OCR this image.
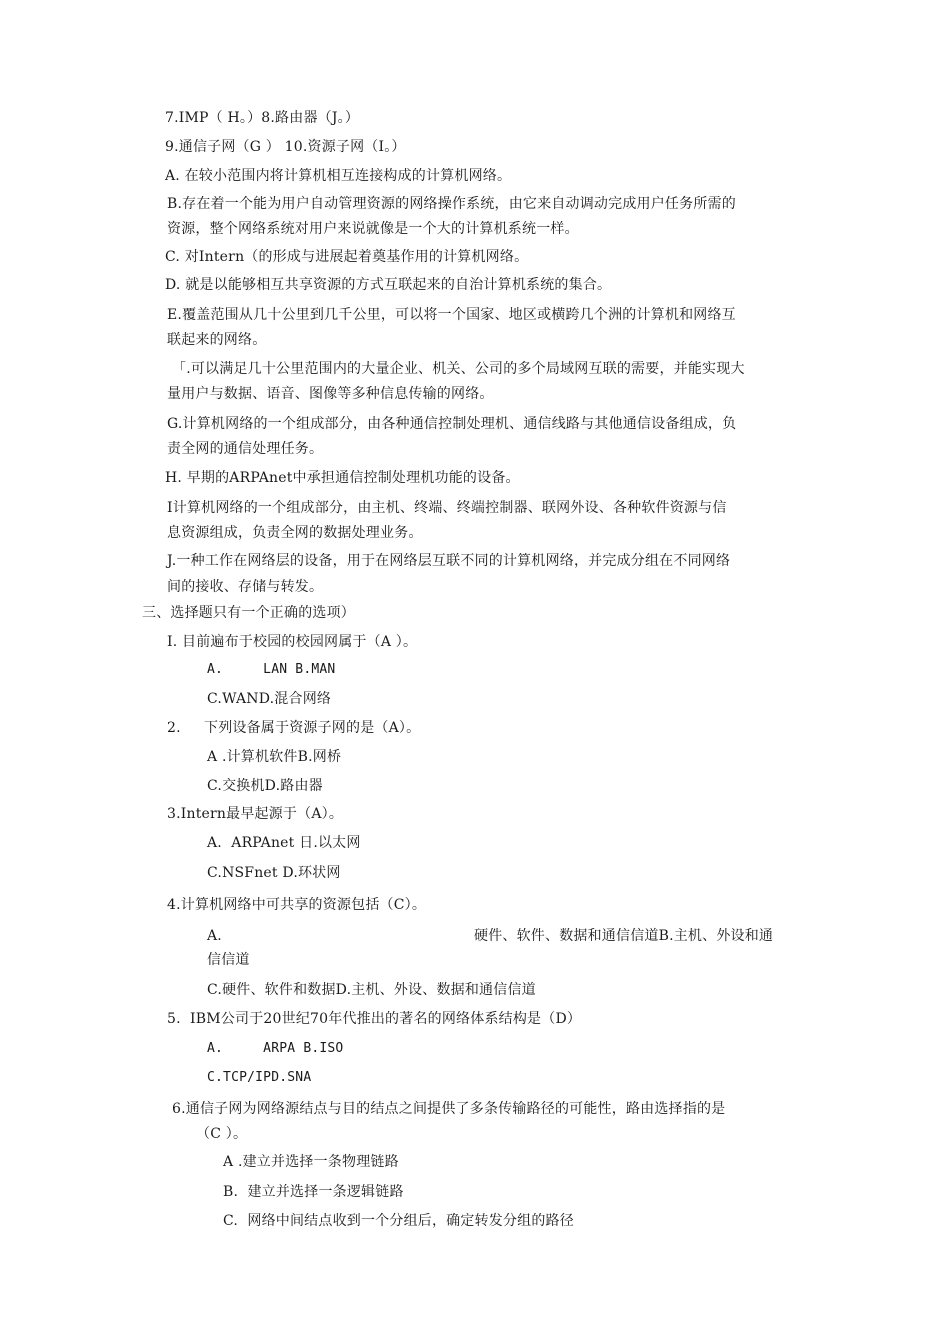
7.IMP（ H。）8.路由器（J。）
9.通信子网（G ） 10.资源子网（I。）
A. 在较小范围内将计算机相互连接构成的计算机网络。
B.存在着一个能为用户自动管理资源的网络操作系统，由它来自动调动完成用户任务所需的
资源，整个网络系统对用户来说就像是一个大的计算机系统一样。
C. 对Intern（的形成与进展起着奠基作用的计算机网络。
D. 就是以能够相互共享资源的方式互联起来的自治计算机系统的集合。
E.覆盖范围从几十公里到几千公里，可以将一个国家、地区或横跨几个洲的计算机和网络互
联起来的网络。
「.可以满足几十公里范围内的大量企业、机关、公司的多个局域网互联的需要，并能实现大
量用户与数据、语音、图像等多种信息传输的网络。
G.计算机网络的一个组成部分，由各种通信控制处理机、通信线路与其他通信设备组成，负
责全网的通信处理任务。
H. 早期的ARPAnet中承担通信控制处理机功能的设备。
I计算机网络的一个组成部分，由主机、终端、终端控制器、联网外设、各种软件资源与信
息资源组成，负责全网的数据处理业务。
J.一种工作在网络层的设备，用于在网络层互联不同的计算机网络，并完成分组在不同网络
间的接收、存储与转发。
三、选择题只有一个正确的选项）
I. 目前遍布于校园的校园网属于（A ）。
A.     LAN B.MAN
C.WAND.混合网络
2.     下列设备属于资源子网的是（A）。
A .计算机软件B.网桥
C.交换机D.路由器
3.Intern最早起源于（A）。
A.  ARPAnet 日.以太网
C.NSFnet D.环状网
4.计算机网络中可共享的资源包括（C）。
A.	硬件、软件、数据和通信信道B.主机、外设和通
信信道
C.硬件、软件和数据D.主机、外设、数据和通信信道
5.  IBM公司于20世纪70年代推出的著名的网络体系结构是（D）
A.     ARPA B.ISO
C.TCP/IPD.SNA
6.通信子网为网络源结点与目的结点之间提供了多条传输路径的可能性，路由选择指的是
（C ）。
A .建立并选择一条物理链路
B.  建立并选择一条逻辑链路
C.  网络中间结点收到一个分组后，确定转发分组的路径
